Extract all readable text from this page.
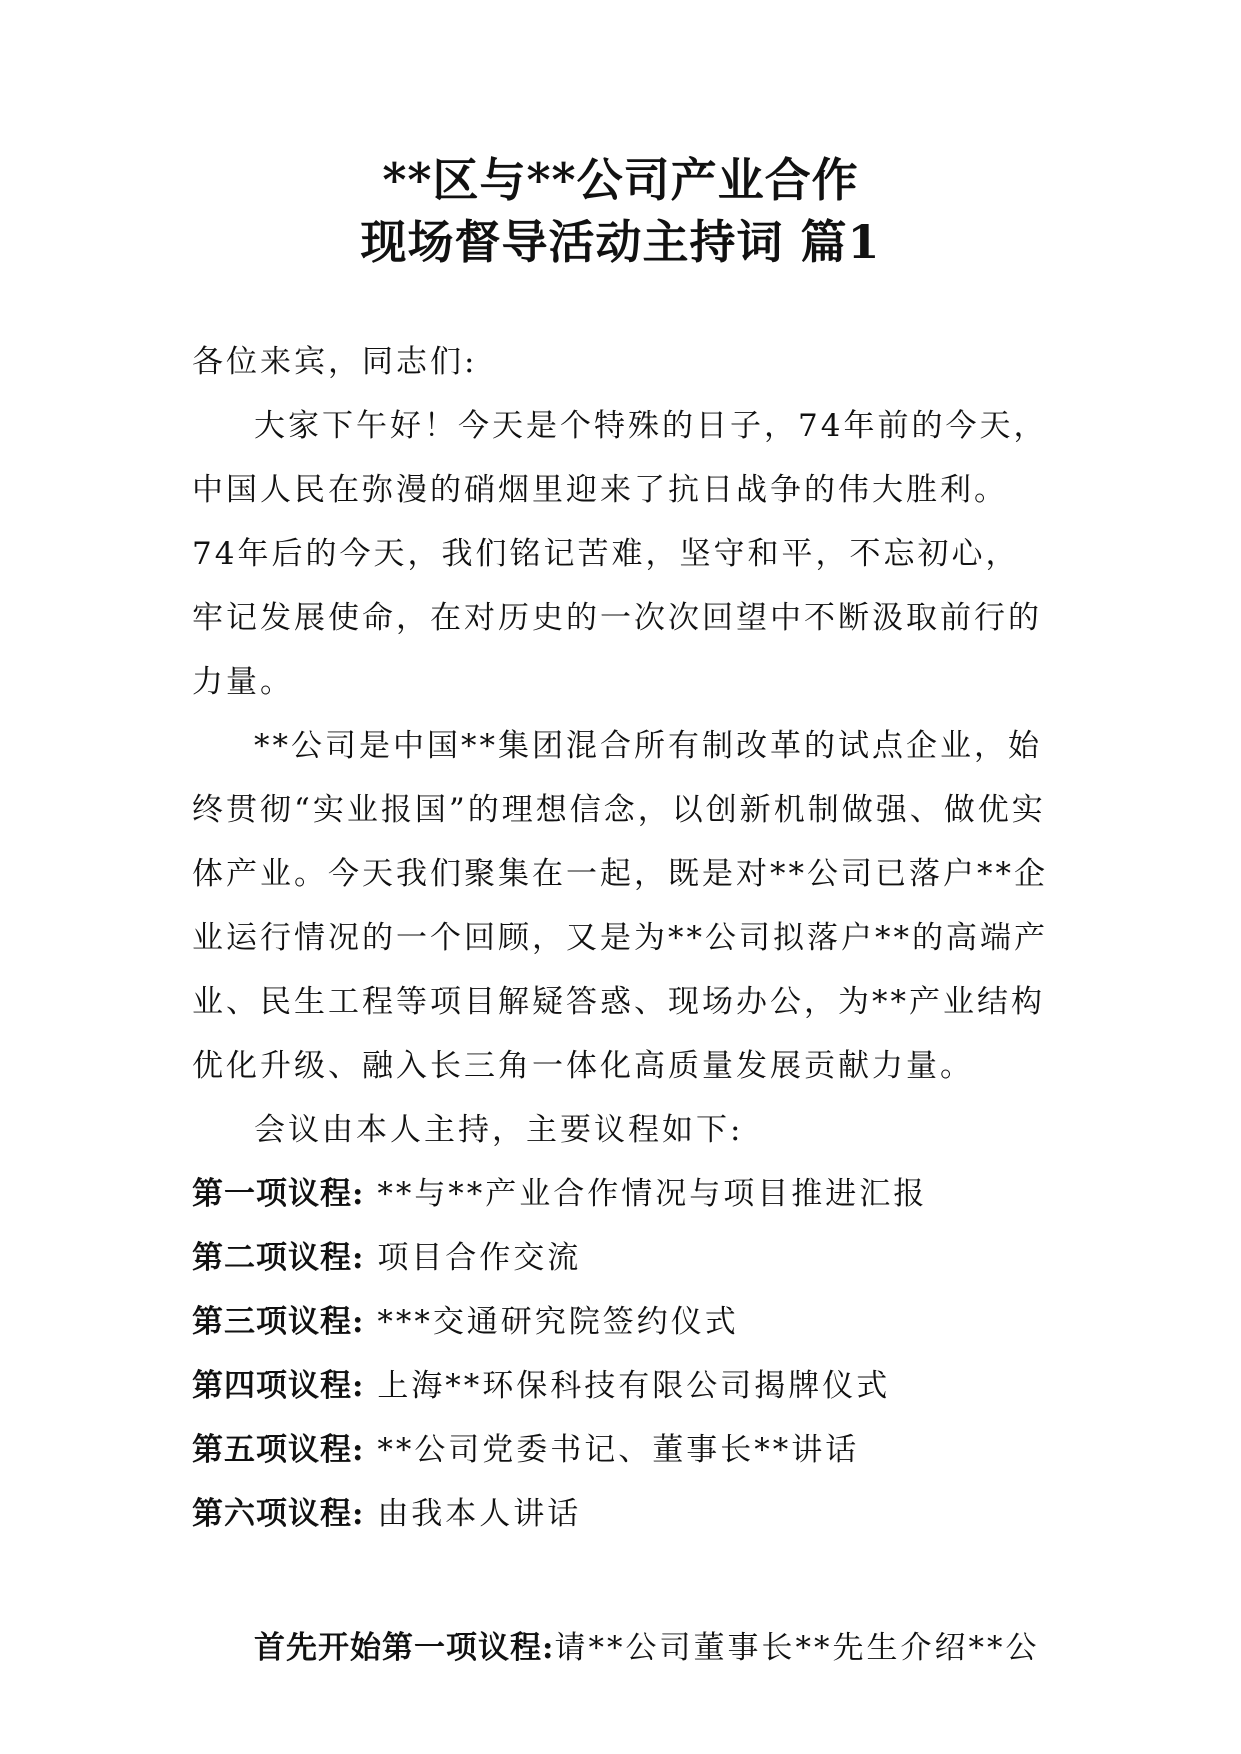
**区与**公司产业合作
现场督导活动主持词 篇1

各位来宾，同志们:

大家下午好！今天是个特殊的日子，74年前的今天，中国人民在弥漫的硝烟里迎来了抗日战争的伟大胜利。74年后的今天，我们铭记苦难，坚守和平，不忘初心，牢记发展使命，在对历史的一次次回望中不断汲取前行的力量。

**公司是中国**集团混合所有制改革的试点企业，始终贯彻“实业报国”的理想信念，以创新机制做强、做优实体产业。今天我们聚集在一起，既是对**公司已落户**企业运行情况的一个回顾，又是为**公司拟落户**的高端产业、民生工程等项目解疑答惑、现场办公，为**产业结构优化升级、融入长三角一体化高质量发展贡献力量。

会议由本人主持，主要议程如下:

第一项议程: **与**产业合作情况与项目推进汇报
第二项议程: 项目合作交流
第三项议程: ***交通研究院签约仪式
第四项议程: 上海**环保科技有限公司揭牌仪式
第五项议程: **公司党委书记、董事长**讲话
第六项议程: 由我本人讲话

首先开始第一项议程:请**公司董事长**先生介绍**公
